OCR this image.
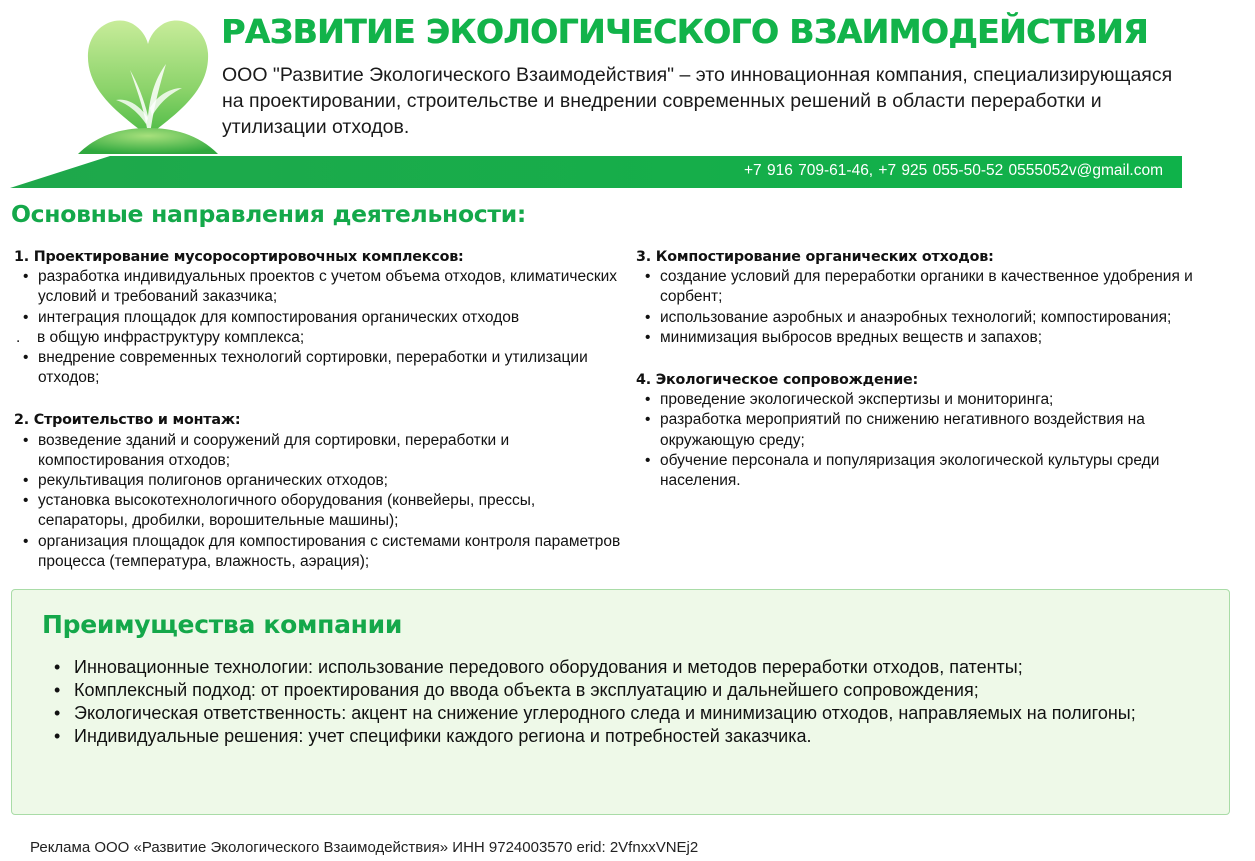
РАЗВИТИЕ ЭКОЛОГИЧЕСКОГО ВЗАИМОДЕЙСТВИЯ

ООО "Развитие Экологического Взаимодействия" – это инновационная компания, специализирующаяся на проектировании, строительстве и внедрении современных решений в области переработки и утилизации отходов.

+7 916 709-61-46, +7 925 055-50-52 0555052v@gmail.com
Основные направления деятельности:
1. Проектирование мусоросортировочных комплексов:
• разработка индивидуальных проектов с учетом объема отходов, климатических условий и требований заказчика;
• интеграция площадок для компостирования органических отходов
. в общую инфраструктуру комплекса;
• внедрение современных технологий сортировки, переработки и утилизации отходов;
2. Строительство и монтаж:
• возведение зданий и сооружений для сортировки, переработки и компостирования отходов;
• рекультивация полигонов органических отходов;
• установка высокотехнологичного оборудования (конвейеры, прессы, сепараторы, дробилки, ворошительные машины);
• организация площадок для компостирования с системами контроля параметров процесса (температура, влажность, аэрация);
3. Компостирование органических отходов:
• создание условий для переработки органики в качественное удобрения и сорбент;
• использование аэробных и анаэробных технологий; компостирования;
• минимизация выбросов вредных веществ и запахов;
4. Экологическое сопровождение:
• проведение экологической экспертизы и мониторинга;
• разработка мероприятий по снижению негативного воздействия на окружающую среду;
• обучение персонала и популяризация экологической культуры среди населения.
Преимущества компании
• Инновационные технологии: использование передового оборудования и методов переработки отходов, патенты;
• Комплексный подход: от проектирования до ввода объекта в эксплуатацию и дальнейшего сопровождения;
• Экологическая ответственность: акцент на снижение углеродного следа и минимизацию отходов, направляемых на полигоны;
• Индивидуальные решения: учет специфики каждого региона и потребностей заказчика.
Реклама ООО «Развитие Экологического Взаимодействия» ИНН 9724003570 erid: 2VfnxxVNEj2
